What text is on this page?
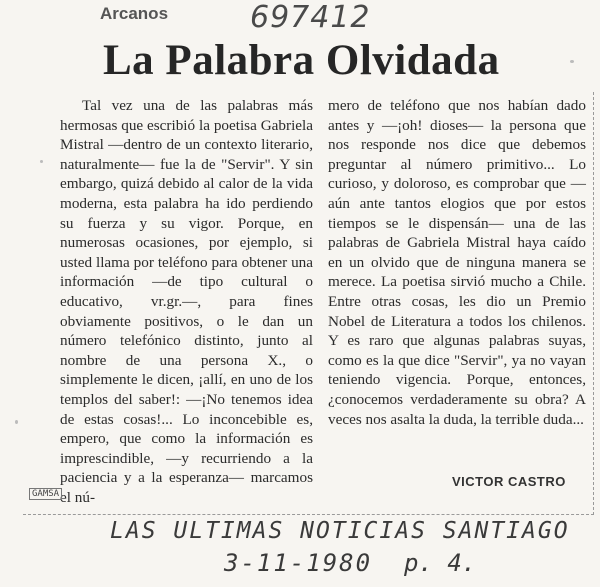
Arcanos	697412
La Palabra Olvidada

Tal vez una de las palabras más hermosas que escribió la poetisa Gabriela Mistral —dentro de un contexto literario, naturalmente— fue la de "Servir". Y sin embargo, quizá debido al calor de la vida moderna, esta palabra ha ido perdiendo su fuerza y su vigor. Porque, en numerosas ocasiones, por ejemplo, si usted llama por teléfono para obtener una información —de tipo cultural o educativo, vr.gr.—, para fines obviamente positivos, o le dan un número telefónico distinto, junto al nombre de una persona X., o simplemente le dicen, ¡allí, en uno de los templos del saber!: —¡No tenemos idea de estas cosas!... Lo inconcebible es, empero, que como la información es imprescindible, —y recurriendo a la paciencia y a la esperanza— marcamos el nú-

mero de teléfono que nos habían dado antes y —¡oh! dioses— la persona que nos responde nos dice que debemos preguntar al número primitivo... Lo curioso, y doloroso, es comprobar que —aún ante tantos elogios que por estos tiempos se le dispensán— una de las palabras de Gabriela Mistral haya caído en un olvido que de ninguna manera se merece. La poetisa sirvió mucho a Chile. Entre otras cosas, les dio un Premio Nobel de Literatura a todos los chilenos. Y es raro que algunas palabras suyas, como es la que dice "Servir", ya no vayan teniendo vigencia. Porque, entonces, ¿conocemos verdaderamente su obra? A veces nos asalta la duda, la terrible duda...

VICTOR CASTRO
GAMSA
LAS ULTIMAS NOTICIAS SANTIAGO
3-11-1980 p. 4.
